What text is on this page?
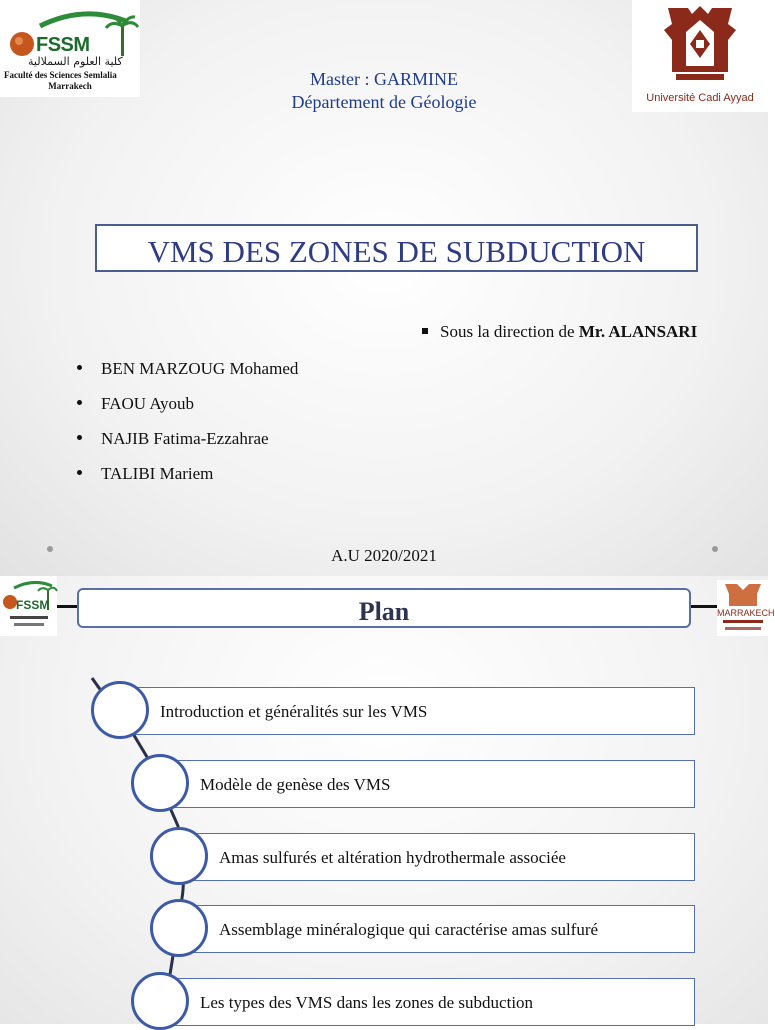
FSSM
كلية العلوم السملالية
Faculté des Sciences Semlalia
Marrakech
Université Cadi Ayyad
Master : GARMINE
Département de Géologie
VMS DES ZONES DE SUBDUCTION
Sous la direction de Mr. ALANSARI
BEN MARZOUG Mohamed
FAOU Ayoub
NAJIB Fatima-Ezzahrae
TALIBI Mariem
A.U 2020/2021
FSSM
MARRAKECH
Plan
Introduction et généralités sur les VMS
Modèle de genèse des VMS
Amas sulfurés et altération hydrothermale associée
Assemblage minéralogique qui caractérise amas sulfuré
Les types des VMS dans les zones de subduction
